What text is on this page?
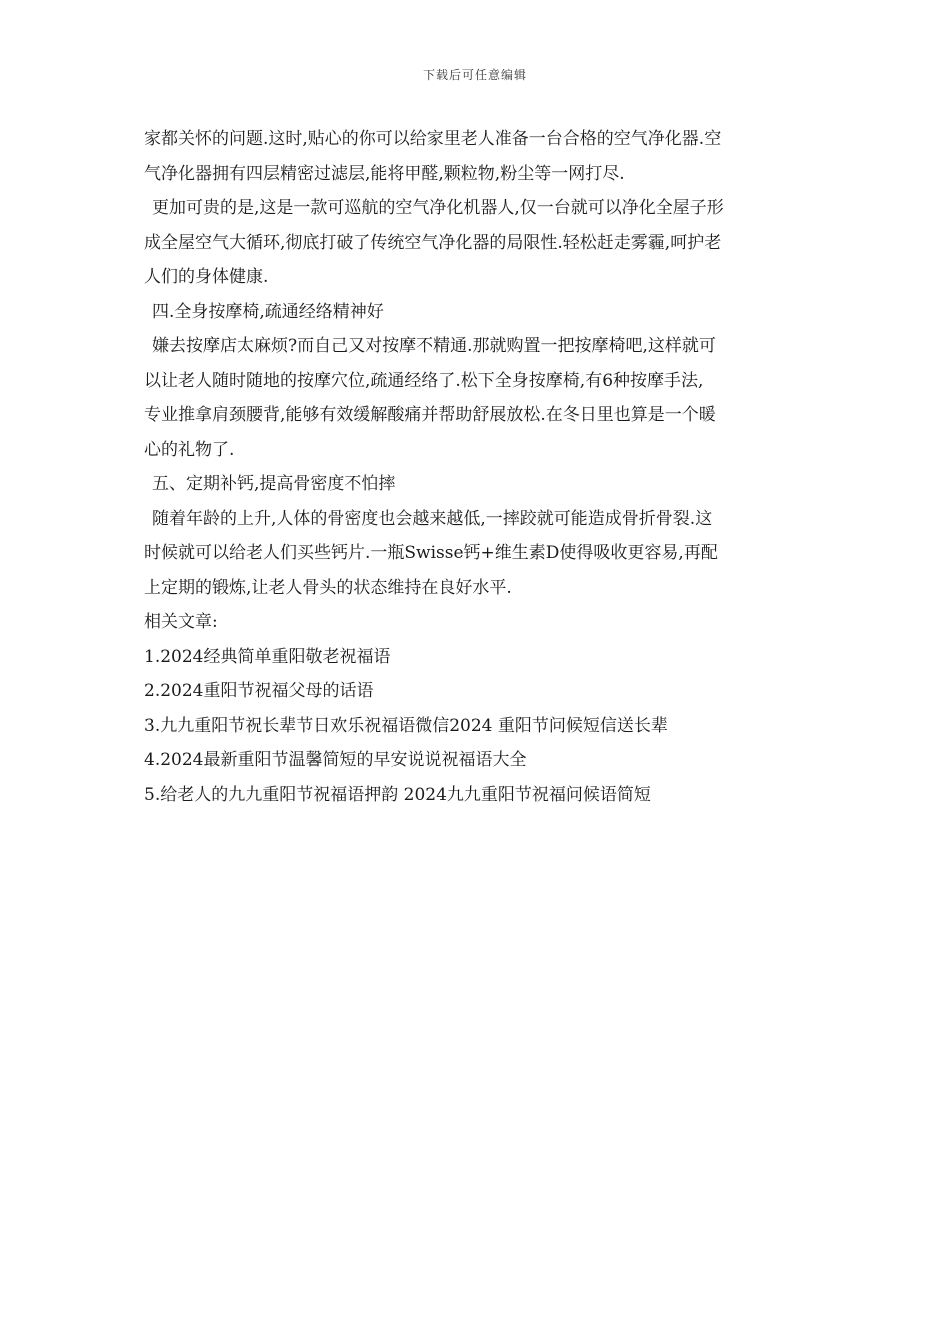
下载后可任意编辑
家都关怀的问题.这时,贴心的你可以给家里老人准备一台合格的空气净化器.空
气净化器拥有四层精密过滤层,能将甲醛,颗粒物,粉尘等一网打尽.
更加可贵的是,这是一款可巡航的空气净化机器人,仅一台就可以净化全屋子形
成全屋空气大循环,彻底打破了传统空气净化器的局限性.轻松赶走雾霾,呵护老
人们的身体健康.
四.全身按摩椅,疏通经络精神好
嫌去按摩店太麻烦?而自己又对按摩不精通.那就购置一把按摩椅吧,这样就可
以让老人随时随地的按摩穴位,疏通经络了.松下全身按摩椅,有6种按摩手法,
专业推拿肩颈腰背,能够有效缓解酸痛并帮助舒展放松.在冬日里也算是一个暖
心的礼物了.
五、定期补钙,提高骨密度不怕摔
随着年龄的上升,人体的骨密度也会越来越低,一摔跤就可能造成骨折骨裂.这
时候就可以给老人们买些钙片.一瓶Swisse钙+维生素D使得吸收更容易,再配
上定期的锻炼,让老人骨头的状态维持在良好水平.
相关文章:
1.2024经典简单重阳敬老祝福语
2.2024重阳节祝福父母的话语
3.九九重阳节祝长辈节日欢乐祝福语微信2024 重阳节问候短信送长辈
4.2024最新重阳节温馨简短的早安说说祝福语大全
5.给老人的九九重阳节祝福语押韵 2024九九重阳节祝福问候语简短
